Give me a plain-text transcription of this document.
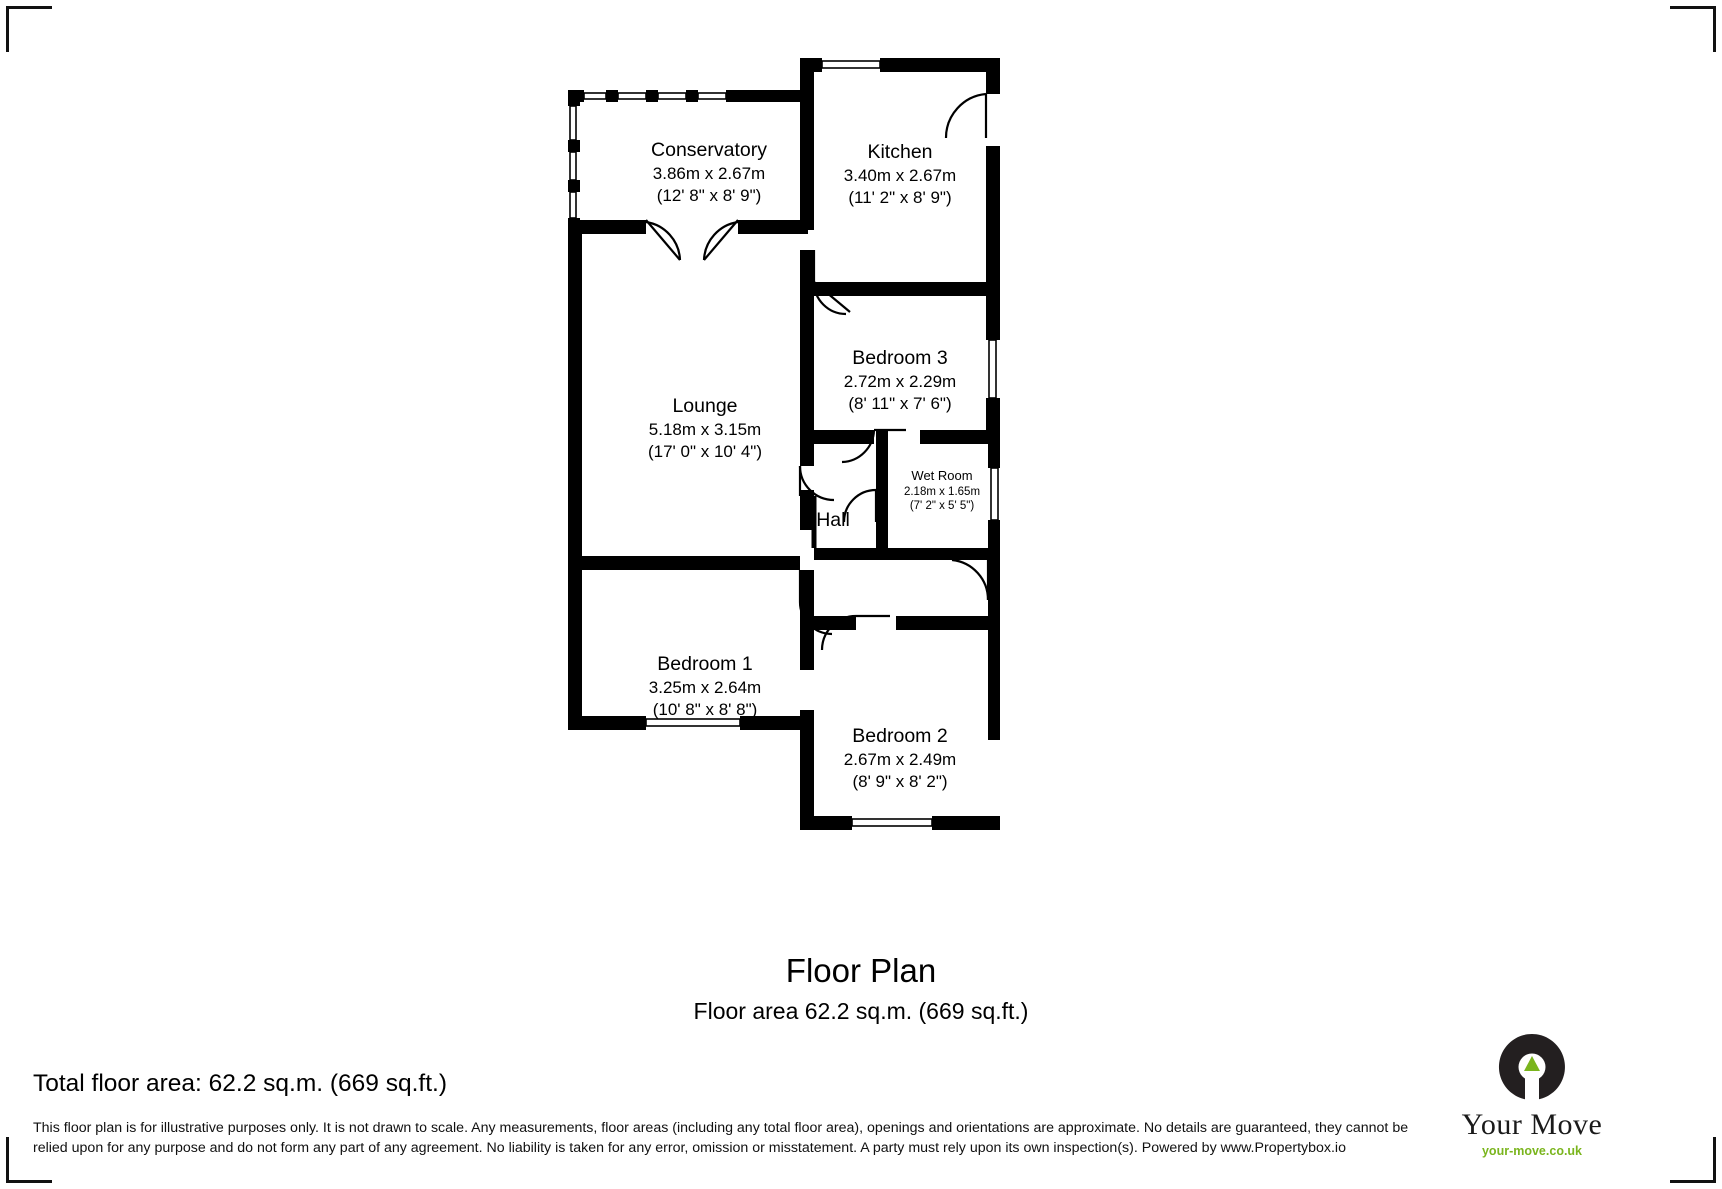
Conservatory
3.86m x 2.67m
(12' 8" x 8' 9")
Kitchen
3.40m x 2.67m
(11' 2" x 8' 9")
Lounge
5.18m x 3.15m
(17' 0" x 10' 4")
Bedroom 3
2.72m x 2.29m
(8' 11" x 7' 6")
Wet Room
2.18m x 1.65m
(7' 2" x 5' 5")
Hall
Bedroom 1
3.25m x 2.64m
(10' 8" x 8' 8")
Bedroom 2
2.67m x 2.49m
(8' 9" x 8' 2")
Floor Plan
Floor area 62.2 sq.m. (669 sq.ft.)
Total floor area: 62.2 sq.m. (669 sq.ft.)
This floor plan is for illustrative purposes only. It is not drawn to scale. Any measurements, floor areas (including any total floor area), openings and orientations are approximate. No details are guaranteed, they cannot be relied upon for any purpose and do not form any part of any agreement. No liability is taken for any error, omission or misstatement. A party must rely upon its own inspection(s). Powered by www.Propertybox.io
Your Move
your-move.co.uk
